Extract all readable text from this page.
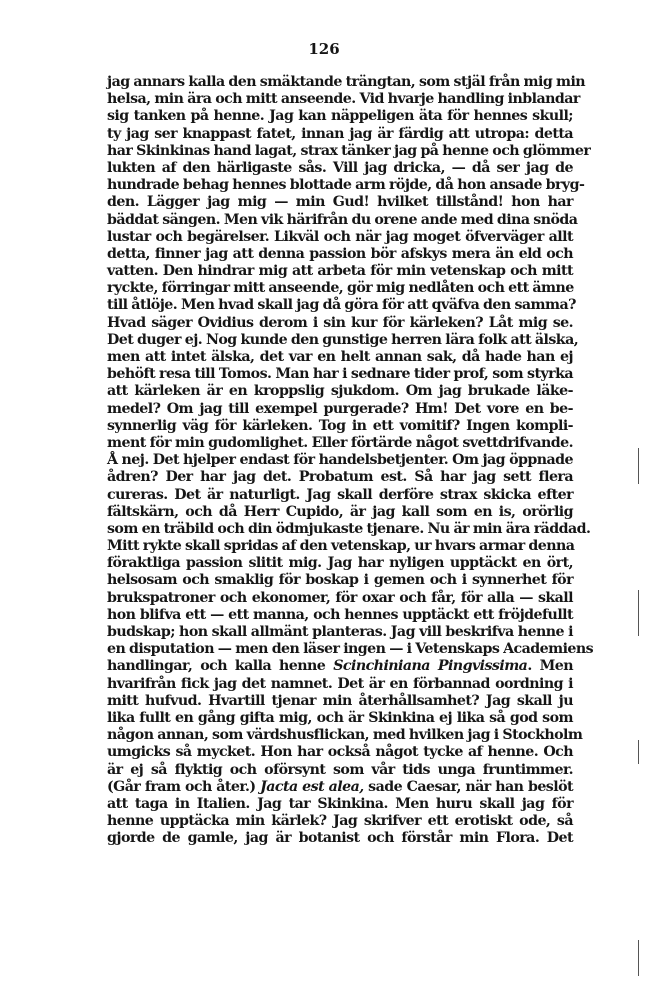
126
jag annars kalla den smäktande trängtan, som stjäl från mig min
helsa, min ära och mitt anseende. Vid hvarje handling inblandar
sig tanken på henne. Jag kan näppeligen äta för hennes skull;
ty jag ser knappast fatet, innan jag är färdig att utropa: detta
har Skinkinas hand lagat, strax tänker jag på henne och glömmer
lukten af den härligaste sås. Vill jag dricka, — då ser jag de
hundrade behag hennes blottade arm röjde, då hon ansade bryg-
den. Lägger jag mig — min Gud! hvilket tillstånd! hon har
bäddat sängen. Men vik härifrån du orene ande med dina snöda
lustar och begärelser. Likväl och när jag moget öfverväger allt
detta, finner jag att denna passion bör afskys mera än eld och
vatten. Den hindrar mig att arbeta för min vetenskap och mitt
ryckte, förringar mitt anseende, gör mig nedlåten och ett ämne
till åtlöje. Men hvad skall jag då göra för att qväfva den samma?
Hvad säger Ovidius derom i sin kur för kärleken? Låt mig se.
Det duger ej. Nog kunde den gunstige herren lära folk att älska,
men att intet älska, det var en helt annan sak, då hade han ej
behöft resa till Tomos. Man har i sednare tider prof, som styrka
att kärleken är en kroppslig sjukdom. Om jag brukade läke-
medel? Om jag till exempel purgerade? Hm! Det vore en be-
synnerlig väg för kärleken. Tog in ett vomitif? Ingen kompli-
ment för min gudomlighet. Eller förtärde något svettdrifvande.
Å nej. Det hjelper endast för handelsbetjenter. Om jag öppnade
ådren? Der har jag det. Probatum est. Så har jag sett flera
cureras. Det är naturligt. Jag skall derföre strax skicka efter
fältskärn, och då Herr Cupido, är jag kall som en is, orörlig
som en träbild och din ödmjukaste tjenare. Nu är min ära räddad.
Mitt rykte skall spridas af den vetenskap, ur hvars armar denna
föraktliga passion slitit mig. Jag har nyligen upptäckt en ört,
helsosam och smaklig för boskap i gemen och i synnerhet för
brukspatroner och ekonomer, för oxar och får, för alla — skall
hon blifva ett — ett manna, och hennes upptäckt ett fröjdefullt
budskap; hon skall allmänt planteras. Jag vill beskrifva henne i
en disputation — men den läser ingen — i Vetenskaps Academiens
handlingar, och kalla henne Scinchiniana Pingvissima. Men
hvarifrån fick jag det namnet. Det är en förbannad oordning i
mitt hufvud. Hvartill tjenar min återhållsamhet? Jag skall ju
lika fullt en gång gifta mig, och är Skinkina ej lika så god som
någon annan, som värdshusflickan, med hvilken jag i Stockholm
umgicks så mycket. Hon har också något tycke af henne. Och
är ej så flyktig och oförsynt som vår tids unga fruntimmer.
(Går fram och åter.) Jacta est alea, sade Caesar, när han beslöt
att taga in Italien. Jag tar Skinkina. Men huru skall jag för
henne upptäcka min kärlek? Jag skrifver ett erotiskt ode, så
gjorde de gamle, jag är botanist och förstår min Flora. Det
